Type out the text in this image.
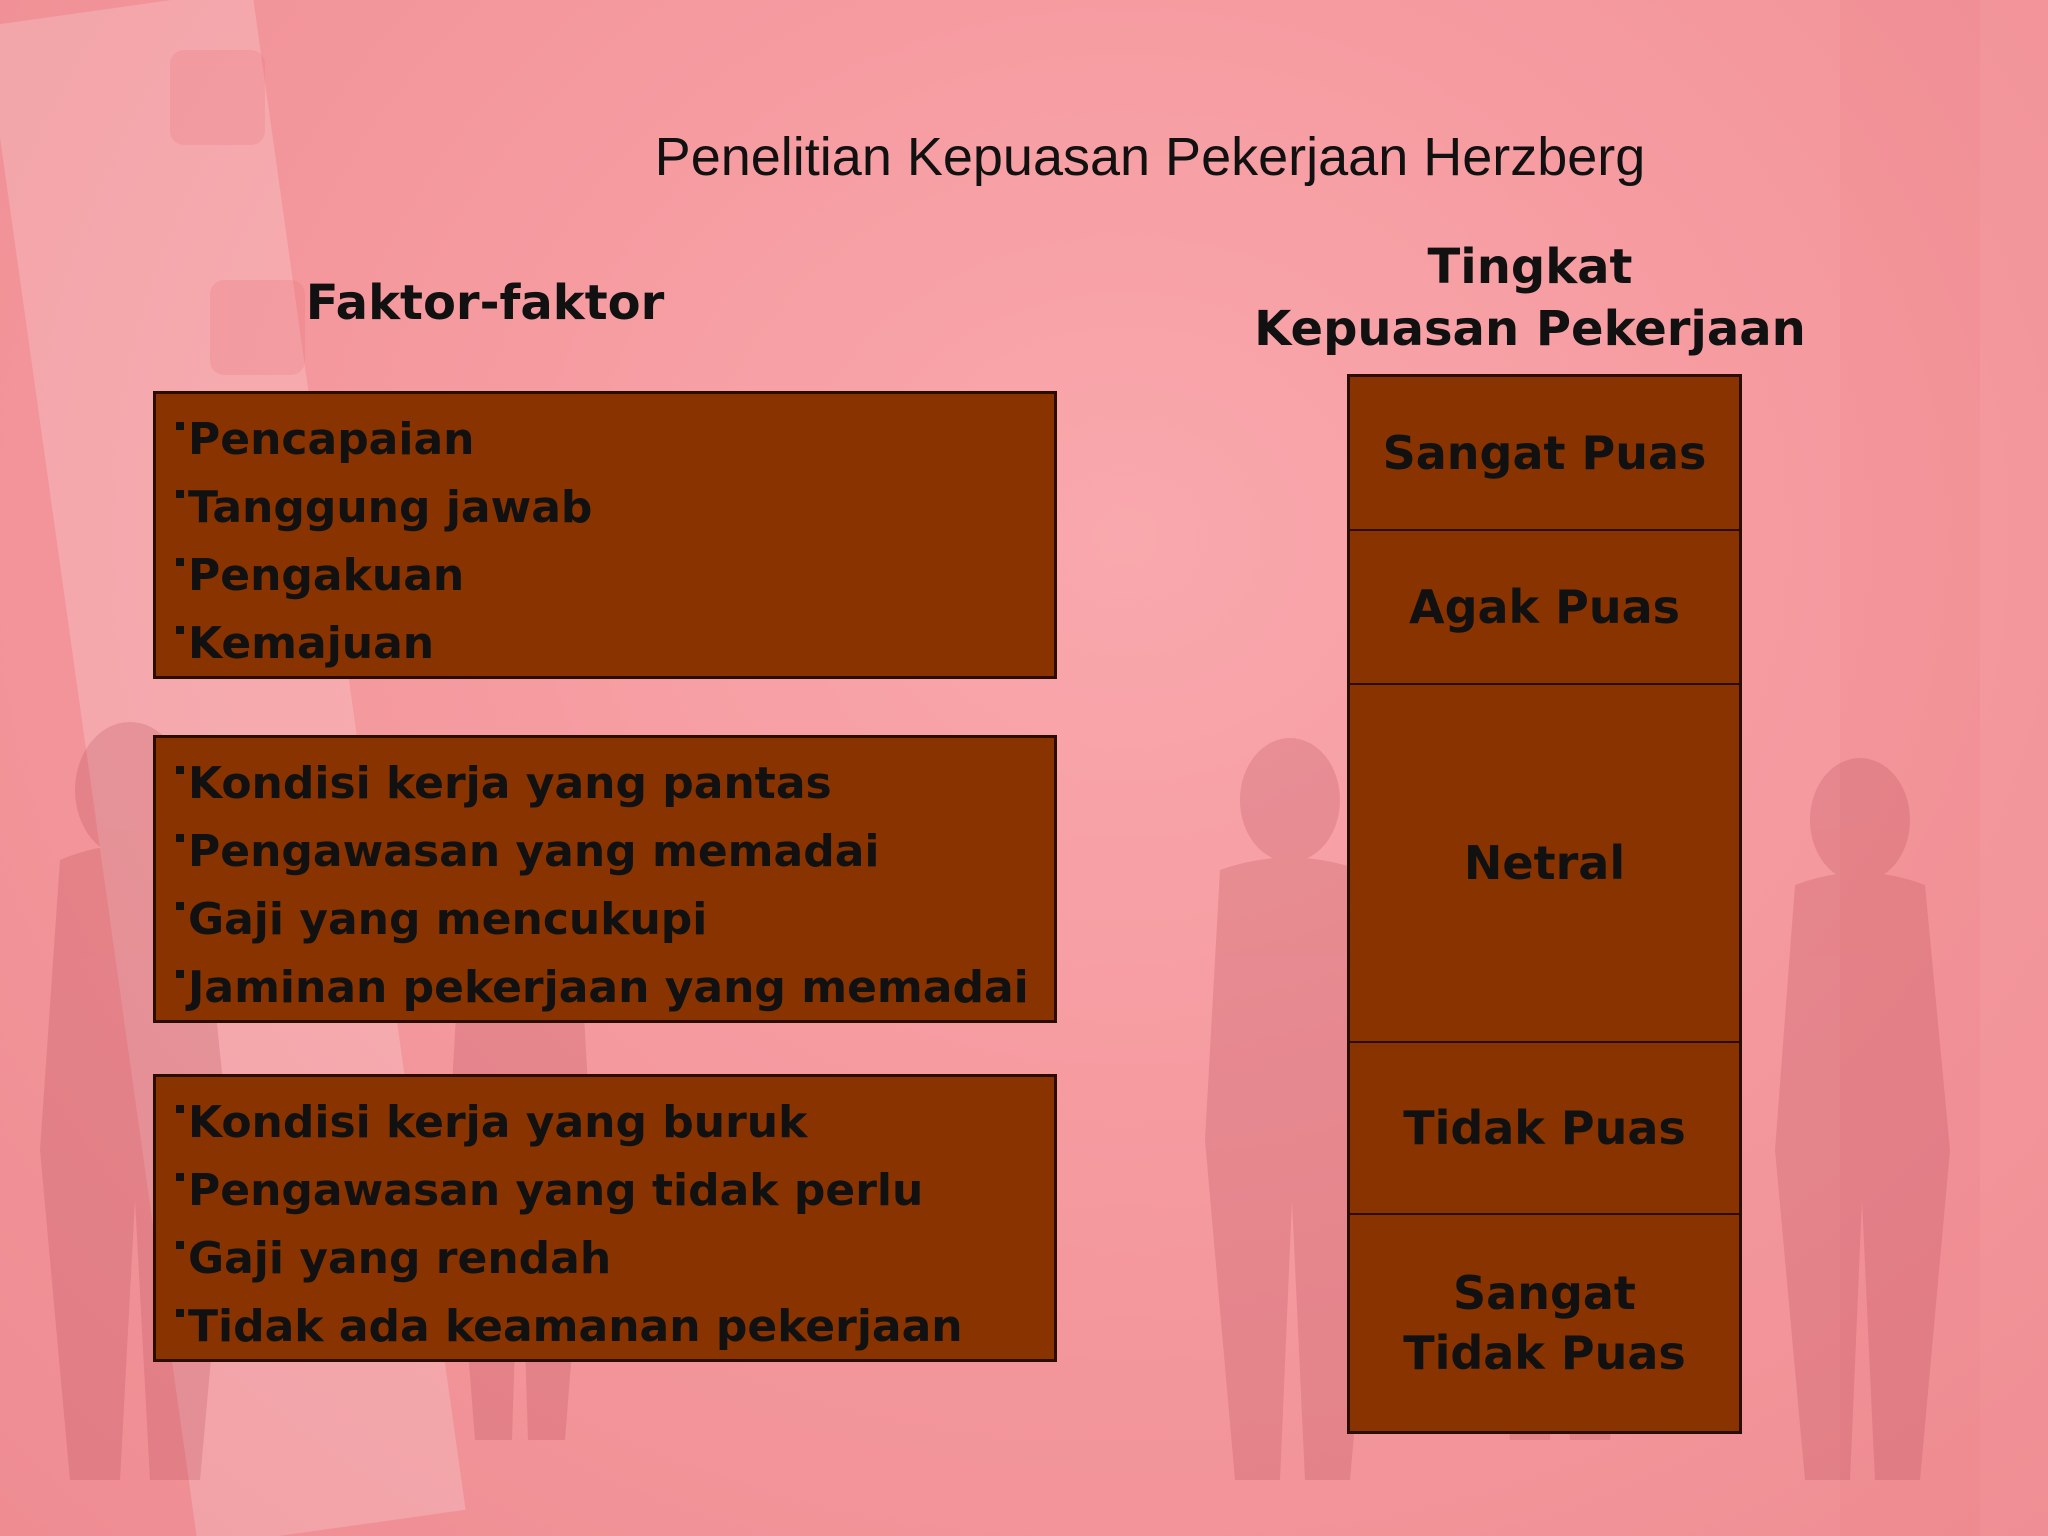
Penelitian Kepuasan Pekerjaan Herzberg
Faktor-faktor
Tingkat
Kepuasan Pekerjaan
Pencapaian
Tanggung jawab
Pengakuan
Kemajuan
Kondisi kerja yang pantas
Pengawasan yang memadai
Gaji yang mencukupi
Jaminan pekerjaan yang memadai
Kondisi kerja yang buruk
Pengawasan yang tidak perlu
Gaji yang rendah
Tidak ada keamanan pekerjaan
Sangat Puas
Agak Puas
Netral
Tidak Puas
Sangat Tidak Puas
